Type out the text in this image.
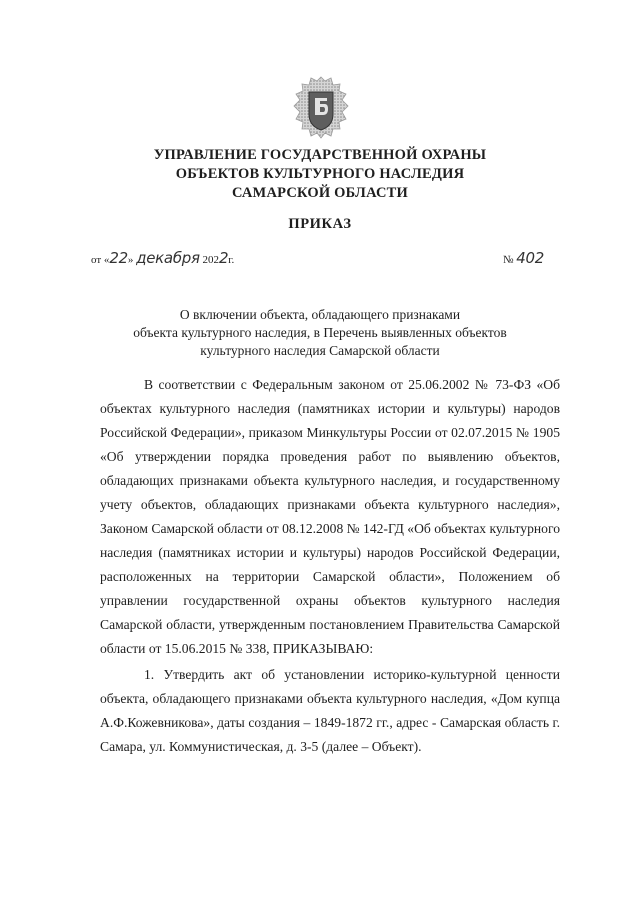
УПРАВЛЕНИЕ ГОСУДАРСТВЕННОЙ ОХРАНЫ
ОБЪЕКТОВ КУЛЬТУРНОГО НАСЛЕДИЯ
САМАРСКОЙ ОБЛАСТИ
ПРИКАЗ
от «22» декабря 2022г.	№ 402
О включении объекта, обладающего признаками
объекта культурного наследия, в Перечень выявленных объектов
культурного наследия Самарской области

В соответствии с Федеральным законом от 25.06.2002 № 73-ФЗ «Об объектах культурного наследия (памятниках истории и культуры) народов Российской Федерации», приказом Минкультуры России от 02.07.2015 № 1905 «Об утверждении порядка проведения работ по выявлению объектов, обладающих признаками объекта культурного наследия, и государственному учету объектов, обладающих признаками объекта культурного наследия», Законом Самарской области от 08.12.2008 № 142-ГД «Об объектах культурного наследия (памятниках истории и культуры) народов Российской Федерации, расположенных на территории Самарской области», Положением об управлении государственной охраны объектов культурного наследия Самарской области, утвержденным постановлением Правительства Самарской области от 15.06.2015 № 338, ПРИКАЗЫВАЮ:

1. Утвердить акт об установлении историко-культурной ценности объекта, обладающего признаками объекта культурного наследия, «Дом купца А.Ф.Кожевникова», даты создания – 1849-1872 гг., адрес - Самарская область г. Самара, ул. Коммунистическая, д. 3-5 (далее – Объект).
